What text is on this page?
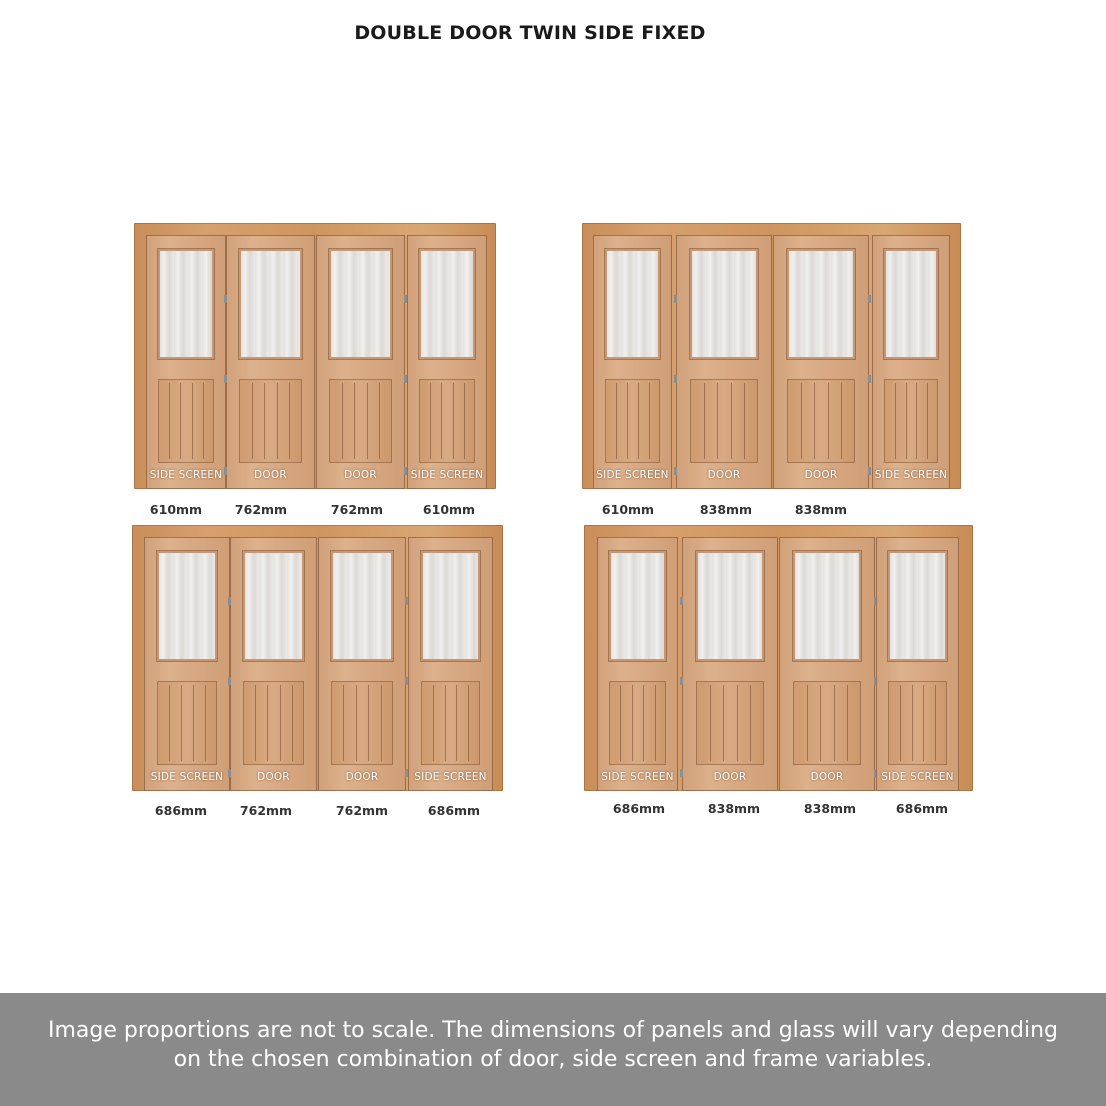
DOUBLE DOOR TWIN SIDE FIXED
SIDE SCREEN	DOOR	DOOR	SIDE SCREEN
610mm	762mm	762mm	610mm
SIDE SCREEN	DOOR	DOOR	SIDE SCREEN
610mm	838mm	838mm
SIDE SCREEN	DOOR	DOOR	SIDE SCREEN
686mm	762mm	762mm	686mm
SIDE SCREEN	DOOR	DOOR	SIDE SCREEN
686mm	838mm	838mm	686mm
Image proportions are not to scale. The dimensions of panels and glass will vary depending on the chosen combination of door, side screen and frame variables.
